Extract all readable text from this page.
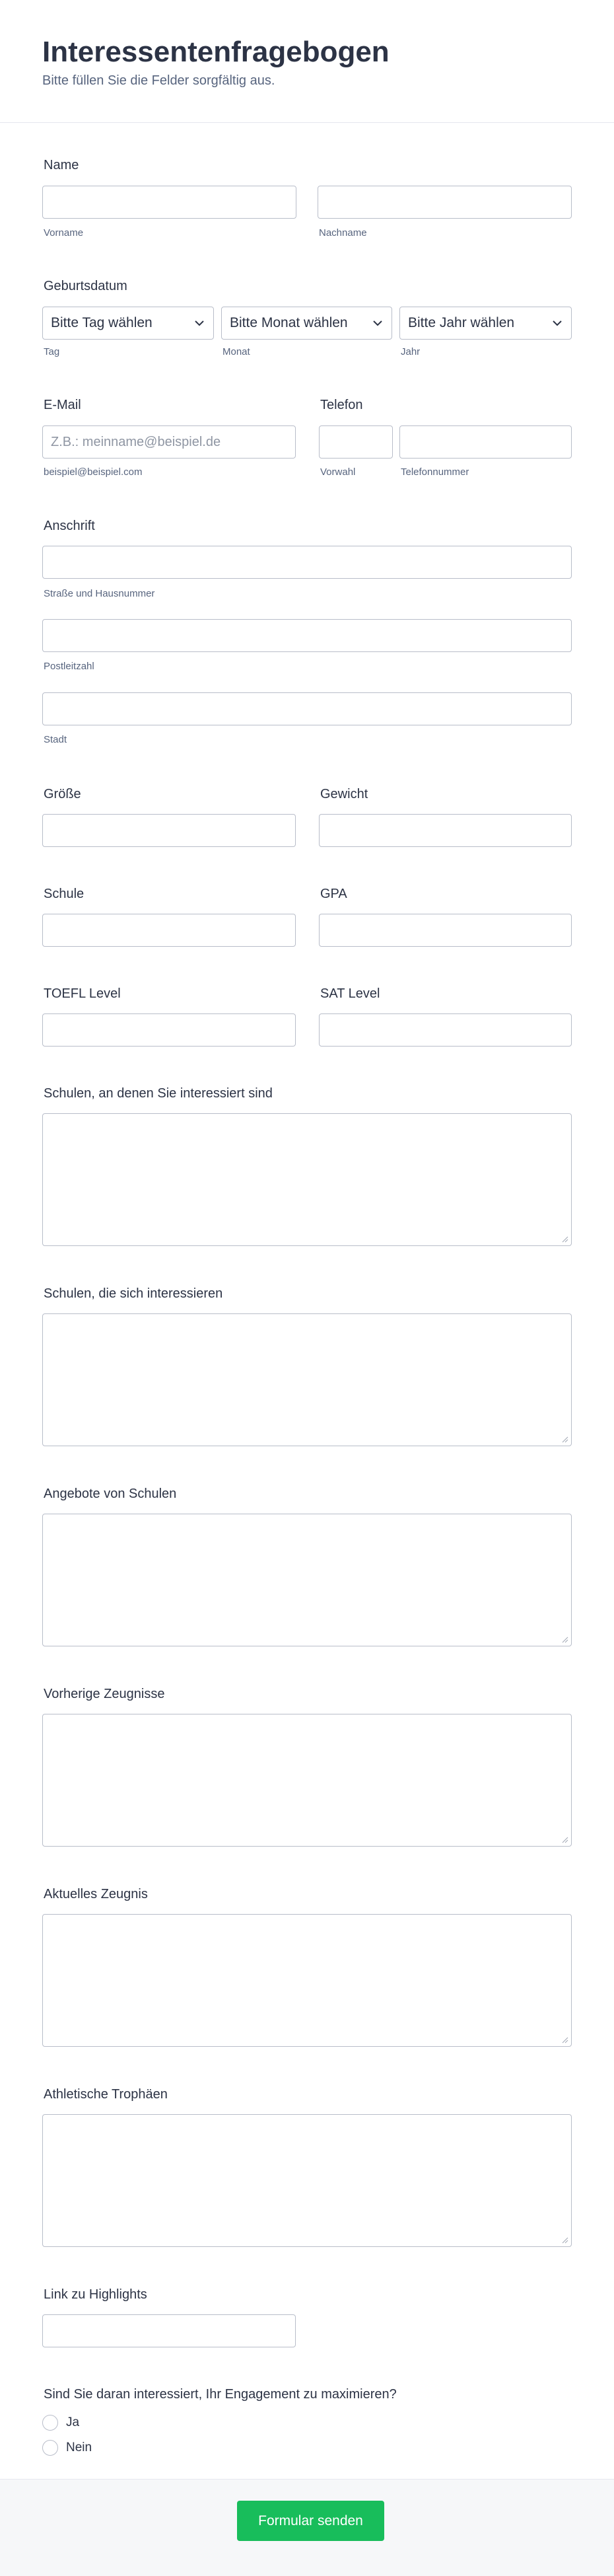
Interessentenfragebogen
Bitte füllen Sie die Felder sorgfältig aus.
Name
Vorname	Nachname
Geburtsdatum
Bitte Tag wählen	Bitte Monat wählen	Bitte Jahr wählen
Tag	Monat	Jahr
E-Mail
Z.B.: meinname@beispiel.de
beispiel@beispiel.com
Telefon
Vorwahl	Telefonnummer
Anschrift
Straße und Hausnummer
Postleitzahl
Stadt
Größe	Gewicht
Schule	GPA
TOEFL Level	SAT Level
Schulen, an denen Sie interessiert sind
Schulen, die sich interessieren
Angebote von Schulen
Vorherige Zeugnisse
Aktuelles Zeugnis
Athletische Trophäen
Link zu Highlights
Sind Sie daran interessiert, Ihr Engagement zu maximieren?
Ja
Nein
Formular senden
